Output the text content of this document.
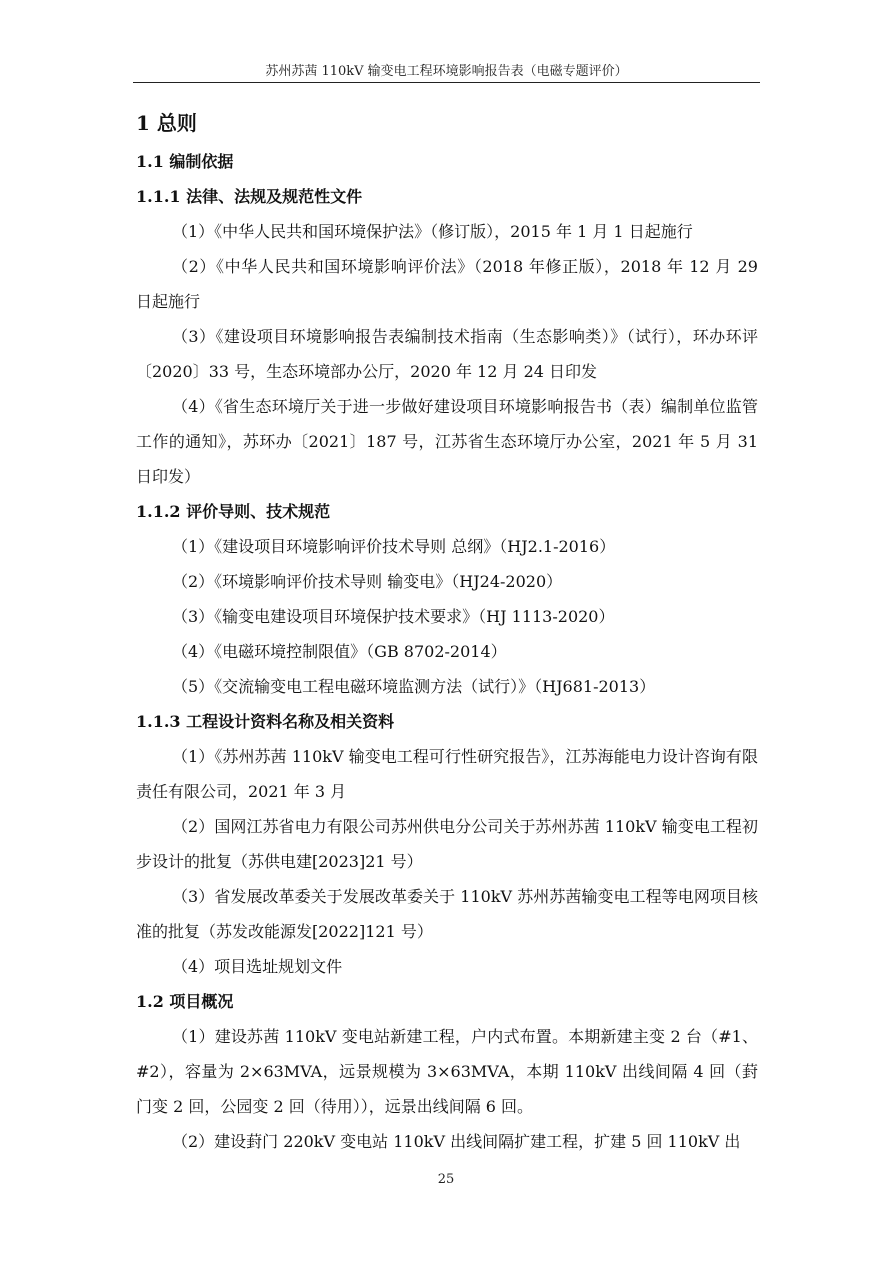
苏州苏茜 110kV 输变电工程环境影响报告表（电磁专题评价）
1 总则
1.1 编制依据
1.1.1 法律、法规及规范性文件
（1）《中华人民共和国环境保护法》（修订版），2015 年 1 月 1 日起施行
（2）《中华人民共和国环境影响评价法》（2018 年修正版），2018 年 12 月 29 日起施行
（3）《建设项目环境影响报告表编制技术指南（生态影响类）》（试行），环办环评〔2020〕33 号，生态环境部办公厅，2020 年 12 月 24 日印发
（4）《省生态环境厅关于进一步做好建设项目环境影响报告书（表）编制单位监管工作的通知》，苏环办〔2021〕187 号，江苏省生态环境厅办公室，2021 年 5 月 31 日印发）
1.1.2 评价导则、技术规范
（1）《建设项目环境影响评价技术导则 总纲》（HJ2.1-2016）
（2）《环境影响评价技术导则 输变电》（HJ24-2020）
（3）《输变电建设项目环境保护技术要求》（HJ 1113-2020）
（4）《电磁环境控制限值》（GB 8702-2014）
（5）《交流输变电工程电磁环境监测方法（试行）》（HJ681-2013）
1.1.3 工程设计资料名称及相关资料
（1）《苏州苏茜 110kV 输变电工程可行性研究报告》，江苏海能电力设计咨询有限责任有限公司，2021 年 3 月
（2）国网江苏省电力有限公司苏州供电分公司关于苏州苏茜 110kV 输变电工程初步设计的批复（苏供电建[2023]21 号）
（3）省发展改革委关于发展改革委关于 110kV 苏州苏茜输变电工程等电网项目核准的批复（苏发改能源发[2022]121 号）
（4）项目选址规划文件
1.2 项目概况
（1）建设苏茜 110kV 变电站新建工程，户内式布置。本期新建主变 2 台（#1、#2），容量为 2×63MVA，远景规模为 3×63MVA，本期 110kV 出线间隔 4 回（葑门变 2 回，公园变 2 回（待用）），远景出线间隔 6 回。
（2）建设葑门 220kV 变电站 110kV 出线间隔扩建工程，扩建 5 回 110kV 出
25
